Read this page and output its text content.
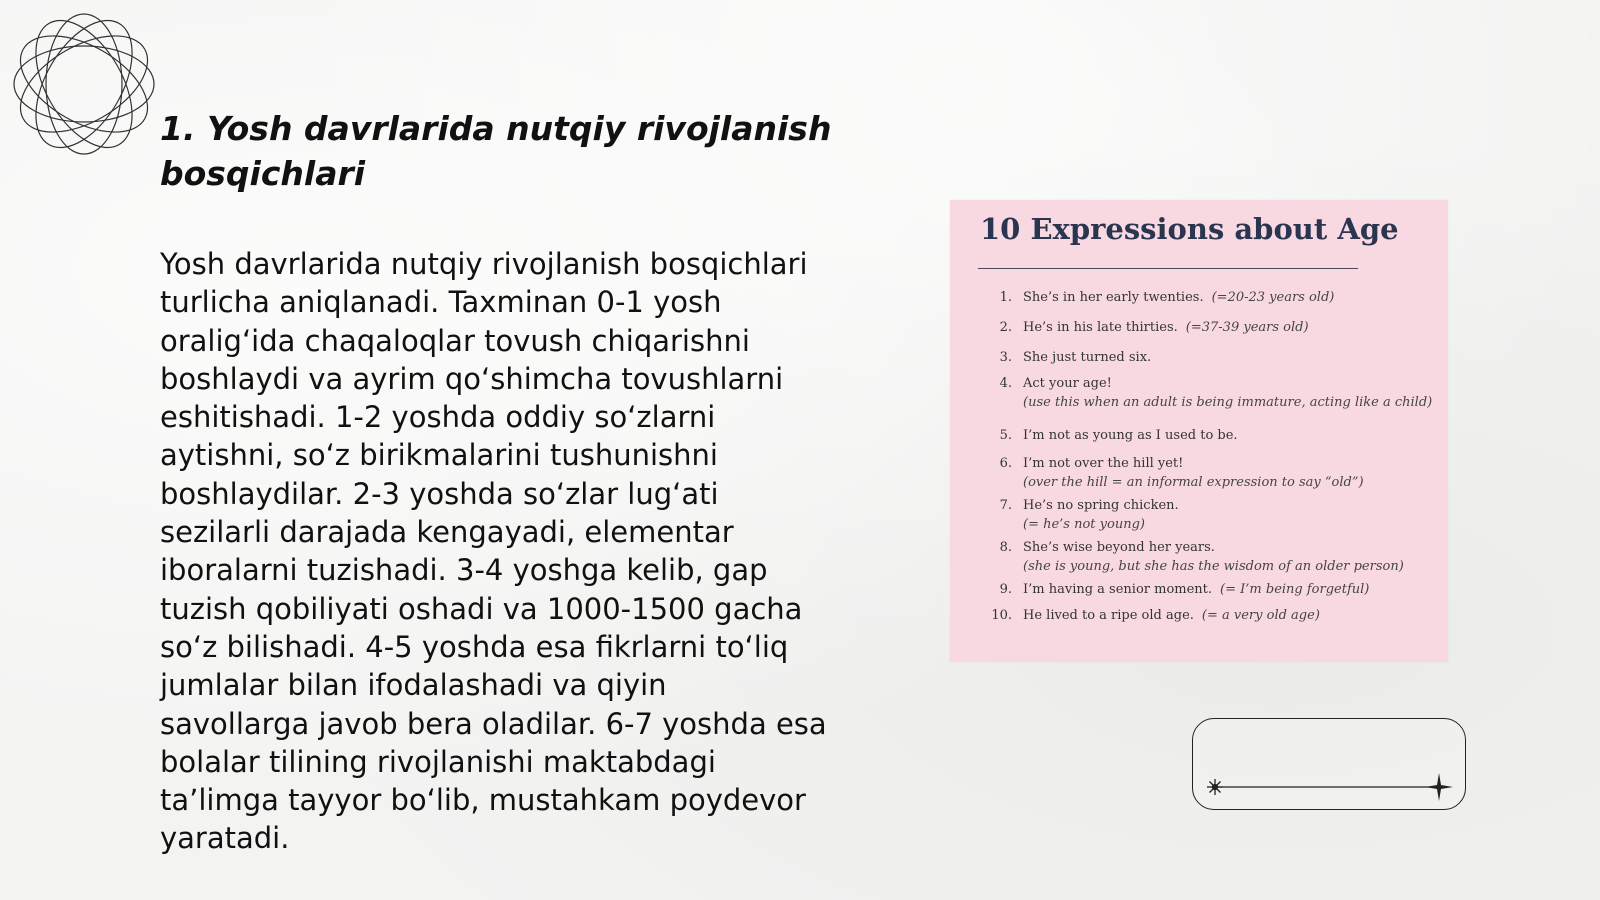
1. Yosh davrlarida nutqiy rivojlanish
bosqichlari
Yosh davrlarida nutqiy rivojlanish bosqichlari
turlicha aniqlanadi. Taxminan 0-1 yosh
oralig‘ida chaqaloqlar tovush chiqarishni
boshlaydi va ayrim qo‘shimcha tovushlarni
eshitishadi. 1-2 yoshda oddiy so‘zlarni
aytishni, so‘z birikmalarini tushunishni
boshlaydilar. 2-3 yoshda so‘zlar lug‘ati
sezilarli darajada kengayadi, elementar
iboralarni tuzishadi. 3-4 yoshga kelib, gap
tuzish qobiliyati oshadi va 1000-1500 gacha
so‘z bilishadi. 4-5 yoshda esa fikrlarni to‘liq
jumlalar bilan ifodalashadi va qiyin
savollarga javob bera oladilar. 6-7 yoshda esa
bolalar tilining rivojlanishi maktabdagi
ta’limga tayyor bo‘lib, mustahkam poydevor
yaratadi.
10 Expressions about Age
1. She’s in her early twenties. (=20-23 years old)
2. He’s in his late thirties. (=37-39 years old)
3. She just turned six.
4. Act your age!
(use this when an adult is being immature, acting like a child)
5. I’m not as young as I used to be.
6. I’m not over the hill yet!
(over the hill = an informal expression to say “old”)
7. He’s no spring chicken.
(= he’s not young)
8. She’s wise beyond her years.
(she is young, but she has the wisdom of an older person)
9. I’m having a senior moment. (= I’m being forgetful)
10. He lived to a ripe old age. (= a very old age)
